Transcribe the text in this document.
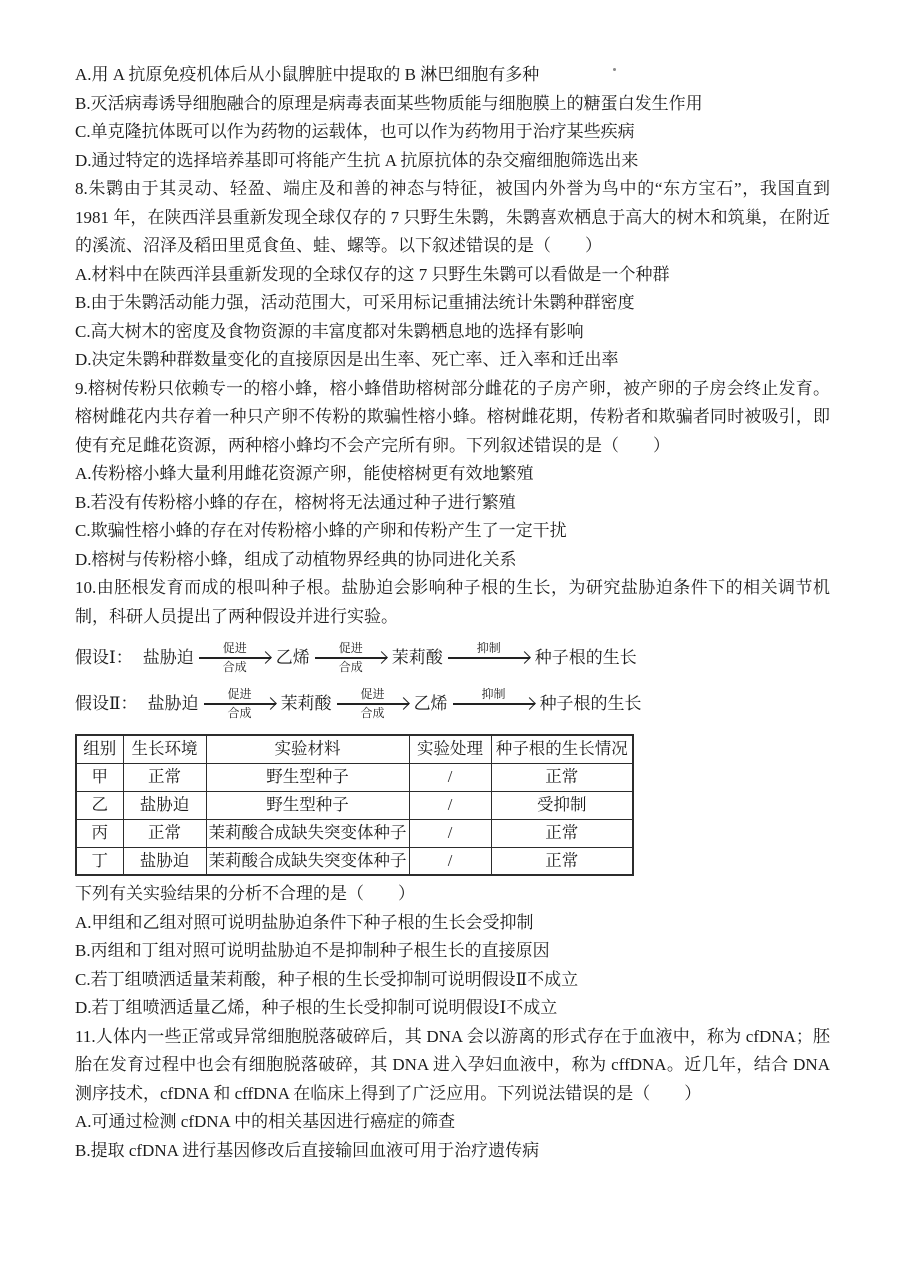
A.用 A 抗原免疫机体后从小鼠脾脏中提取的 B 淋巴细胞有多种

B.灭活病毒诱导细胞融合的原理是病毒表面某些物质能与细胞膜上的糖蛋白发生作用

C.单克隆抗体既可以作为药物的运载体，也可以作为药物用于治疗某些疾病

D.通过特定的选择培养基即可将能产生抗 A 抗原抗体的杂交瘤细胞筛选出来

8.朱鹮由于其灵动、轻盈、端庄及和善的神态与特征，被国内外誉为鸟中的“东方宝石”，我国直到 1981 年，在陕西洋县重新发现全球仅存的 7 只野生朱鹮，朱鹮喜欢栖息于高大的树木和筑巢，在附近的溪流、沼泽及稻田里觅食鱼、蛙、螺等。以下叙述错误的是（　　）

A.材料中在陕西洋县重新发现的全球仅存的这 7 只野生朱鹮可以看做是一个种群

B.由于朱鹮活动能力强，活动范围大，可采用标记重捕法统计朱鹮种群密度

C.高大树木的密度及食物资源的丰富度都对朱鹮栖息地的选择有影响

D.决定朱鹮种群数量变化的直接原因是出生率、死亡率、迁入率和迁出率

9.榕树传粉只依赖专一的榕小蜂，榕小蜂借助榕树部分雌花的子房产卵，被产卵的子房会终止发育。榕树雌花内共存着一种只产卵不传粉的欺骗性榕小蜂。榕树雌花期，传粉者和欺骗者同时被吸引，即使有充足雌花资源，两种榕小蜂均不会产完所有卵。下列叙述错误的是（　　）

A.传粉榕小蜂大量利用雌花资源产卵，能使榕树更有效地繁殖

B.若没有传粉榕小蜂的存在，榕树将无法通过种子进行繁殖

C.欺骗性榕小蜂的存在对传粉榕小蜂的产卵和传粉产生了一定干扰

D.榕树与传粉榕小蜂，组成了动植物界经典的协同进化关系

10.由胚根发育而成的根叫种子根。盐胁迫会影响种子根的生长，为研究盐胁迫条件下的相关调节机制，科研人员提出了两种假设并进行实验。

假设Ⅰ： 盐胁迫 促进
合成 乙烯 促进
合成 茉莉酸	抑制 种子根的生长
假设Ⅱ： 盐胁迫 促进
合成 茉莉酸 促进
合成 乙烯	抑制 种子根的生长
组别	生长环境	实验材料	实验处理	种子根的生长情况
甲	正常	野生型种子	/	正常
乙	盐胁迫	野生型种子	/	受抑制
丙	正常	茉莉酸合成缺失突变体种子	/	正常
丁	盐胁迫	茉莉酸合成缺失突变体种子	/	正常

下列有关实验结果的分析不合理的是（　　）

A.甲组和乙组对照可说明盐胁迫条件下种子根的生长会受抑制

B.丙组和丁组对照可说明盐胁迫不是抑制种子根生长的直接原因

C.若丁组喷洒适量茉莉酸，种子根的生长受抑制可说明假设Ⅱ不成立

D.若丁组喷洒适量乙烯，种子根的生长受抑制可说明假设Ⅰ不成立

11.人体内一些正常或异常细胞脱落破碎后，其 DNA 会以游离的形式存在于血液中，称为 cfDNA；胚胎在发育过程中也会有细胞脱落破碎，其 DNA 进入孕妇血液中，称为 cffDNA。近几年，结合 DNA 测序技术，cfDNA 和 cffDNA 在临床上得到了广泛应用。下列说法错误的是（　　）

A.可通过检测 cfDNA 中的相关基因进行癌症的筛查

B.提取 cfDNA 进行基因修改后直接输回血液可用于治疗遗传病
